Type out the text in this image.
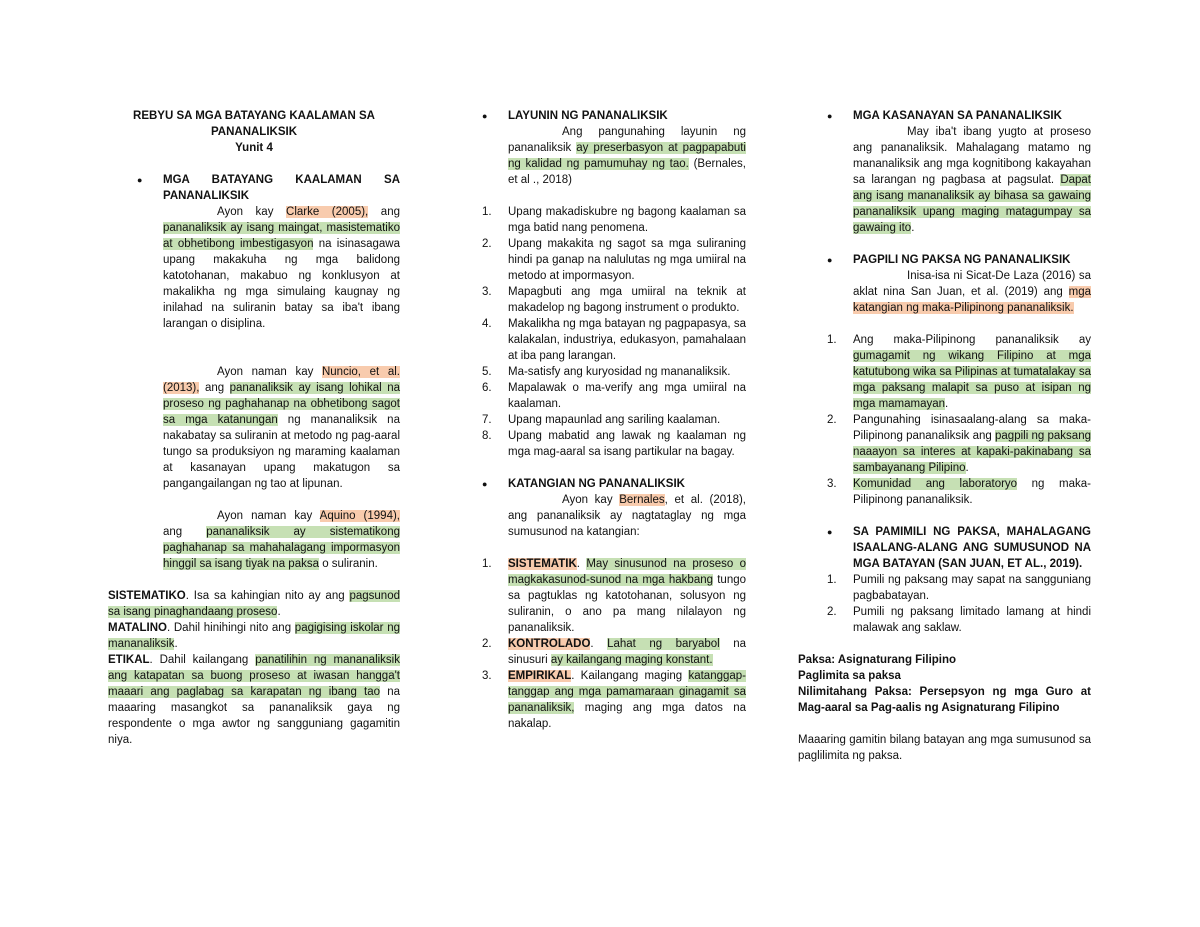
REBYU SA MGA BATAYANG KAALAMAN SA
PANANALIKSIK
Yunit 4
● MGA BATAYANG KAALAMAN SA PANANALIKSIK
Ayon kay Clarke (2005), ang pananaliksik ay isang maingat, masistematiko at obhetibong imbestigasyon na isinasagawa upang makakuha ng mga balidong katotohanan, makabuo ng konklusyon at makalikha ng mga simulaing kaugnay ng inilahad na suliranin batay sa iba't ibang larangan o disiplina.
Ayon naman kay Nuncio, et al. (2013), ang pananaliksik ay isang lohikal na proseso ng paghahanap na obhetibong sagot sa mga katanungan ng mananaliksik na nakabatay sa suliranin at metodo ng pag-aaral tungo sa produksiyon ng maraming kaalaman at kasanayan upang makatugon sa pangangailangan ng tao at lipunan.
Ayon naman kay Aquino (1994), ang pananaliksik ay sistematikong paghahanap sa mahahalagang impormasyon hinggil sa isang tiyak na paksa o suliranin.
SISTEMATIKO. Isa sa kahingian nito ay ang pagsunod sa isang pinaghandaang proseso.
MATALINO. Dahil hinihingi nito ang pagigising iskolar ng mananaliksik.
ETIKAL. Dahil kailangang panatilihin ng mananaliksik ang katapatan sa buong proseso at iwasan hangga't maaari ang paglabag sa karapatan ng ibang tao na maaaring masangkot sa pananaliksik gaya ng respondente o mga awtor ng sangguniang gagamitin niya.
● LAYUNIN NG PANANALIKSIK
Ang pangunahing layunin ng pananaliksik ay preserbasyon at pagpapabuti ng kalidad ng pamumuhay ng tao. (Bernales, et al ., 2018)
1. Upang makadiskubre ng bagong kaalaman sa mga batid nang penomena.
2. Upang makakita ng sagot sa mga suliraning hindi pa ganap na nalulutas ng mga umiiral na metodo at impormasyon.
3. Mapagbuti ang mga umiiral na teknik at makadelop ng bagong instrument o produkto.
4. Makalikha ng mga batayan ng pagpapasya, sa kalakalan, industriya, edukasyon, pamahalaan at iba pang larangan.
5. Ma-satisfy ang kuryosidad ng mananaliksik.
6. Mapalawak o ma-verify ang mga umiiral na kaalaman.
7. Upang mapaunlad ang sariling kaalaman.
8. Upang mabatid ang lawak ng kaalaman ng mga mag-aaral sa isang partikular na bagay.
● KATANGIAN NG PANANALIKSIK
Ayon kay Bernales, et al. (2018), ang pananaliksik ay nagtataglay ng mga sumusunod na katangian:
1. SISTEMATIK. May sinusunod na proseso o magkakasunod-sunod na mga hakbang tungo sa pagtuklas ng katotohanan, solusyon ng suliranin, o ano pa mang nilalayon ng pananaliksik.
2. KONTROLADO. Lahat ng baryabol na sinusuri ay kailangang maging konstant.
3. EMPIRIKAL. Kailangang maging katanggap-tanggap ang mga pamamaraan ginagamit sa pananaliksik, maging ang mga datos na nakalap.
● MGA KASANAYAN SA PANANALIKSIK
May iba't ibang yugto at proseso ang pananaliksik. Mahalagang matamo ng mananaliksik ang mga kognitibong kakayahan sa larangan ng pagbasa at pagsulat. Dapat ang isang mananaliksik ay bihasa sa gawaing pananaliksik upang maging matagumpay sa gawaing ito.
● PAGPILI NG PAKSA NG PANANALIKSIK
Inisa-isa ni Sicat-De Laza (2016) sa aklat nina San Juan, et al. (2019) ang mga katangian ng maka-Pilipinong pananaliksik.
1. Ang maka-Pilipinong pananaliksik ay gumagamit ng wikang Filipino at mga katutubong wika sa Pilipinas at tumatalakay sa mga paksang malapit sa puso at isipan ng mga mamamayan.
2. Pangunahing isinasaalang-alang sa maka-Pilipinong pananaliksik ang pagpili ng paksang naaayon sa interes at kapaki-pakinabang sa sambayanang Pilipino.
3. Komunidad ang laboratoryo ng maka-Pilipinong pananaliksik.
● SA PAMIMILI NG PAKSA, MAHALAGANG ISAALANG-ALANG ANG SUMUSUNOD NA MGA BATAYAN (SAN JUAN, ET AL., 2019).
1. Pumili ng paksang may sapat na sangguniang pagbabatayan.
2. Pumili ng paksang limitado lamang at hindi malawak ang saklaw.
Paksa: Asignaturang Filipino
Paglimita sa paksa
Nilimitahang Paksa: Persepsyon ng mga Guro at Mag-aaral sa Pag-aalis ng Asignaturang Filipino
Maaaring gamitin bilang batayan ang mga sumusunod sa paglilimita ng paksa.
